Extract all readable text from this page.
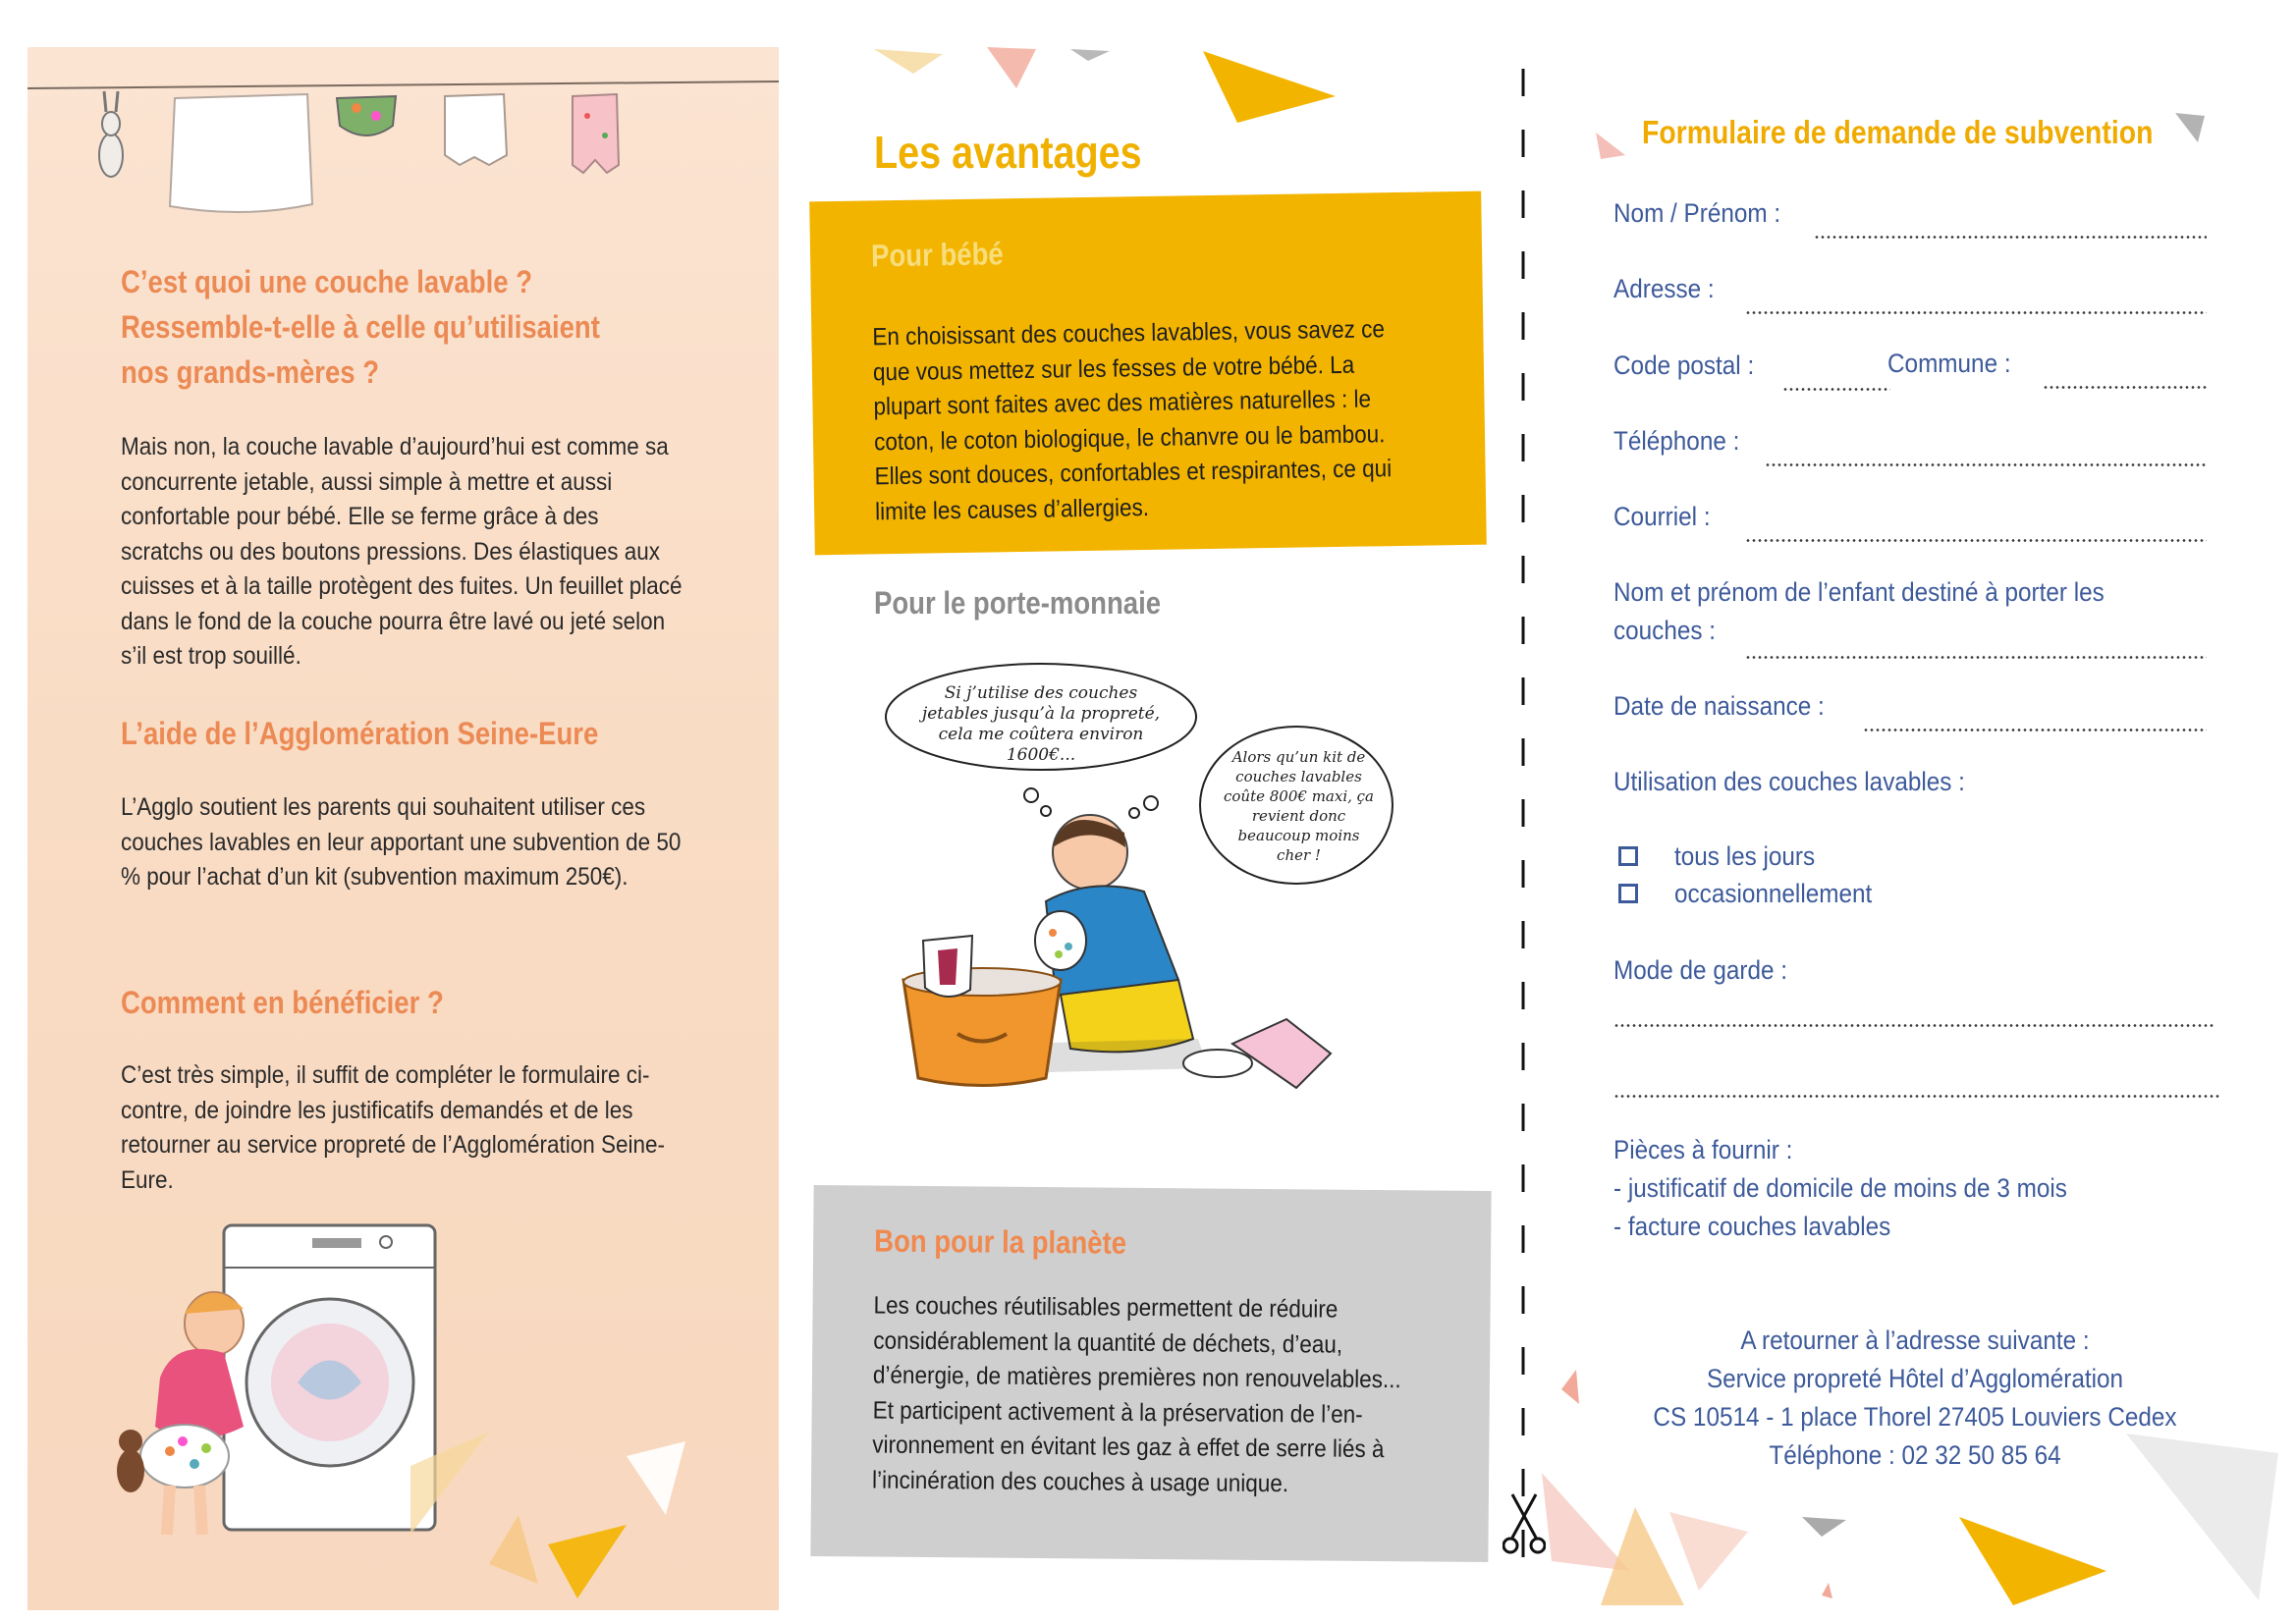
C’est quoi une couche lavable ? Ressemble-t-elle à celle qu’utilisaient nos grands-mères ?

Mais non, la couche lavable d’aujourd’hui est comme sa concurrente jetable, aussi simple à mettre et aussi confortable pour bébé. Elle se ferme grâce à des scratchs ou des boutons pressions. Des élastiques aux cuisses et à la taille protègent des fuites. Un feuillet placé dans le fond de la couche pourra être lavé ou jeté selon s’il est trop souillé.

L’aide de l’Agglomération Seine-Eure

L’Agglo soutient les parents qui souhaitent utiliser ces couches lavables en leur apportant une subvention de 50 % pour l’achat d’un kit (subvention maximum 250€).

Comment en bénéficier ?

C’est très simple, il suffit de compléter le formulaire ci-contre, de joindre les justificatifs demandés et de les retourner au service propreté de l’Agglomération Seine-Eure.

Les avantages
Pour bébé

En choisissant des couches lavables, vous savez ce que vous mettez sur les fesses de votre bébé. La plupart sont faites avec des matières naturelles : le coton, le coton biologique, le chanvre ou le bambou. Elles sont douces, confortables et respirantes, ce qui limite les causes d’allergies.

Pour le porte-monnaie
Si j’utilise des couches jetables jusqu’à la propreté, cela me coûtera environ 1600€...	Alors qu’un kit de couches lavables coûte 800€ maxi, ça revient donc beaucoup moins cher !
Bon pour la planète

Les couches réutilisables permettent de réduire considérablement la quantité de déchets, d’eau, d’énergie, de matières premières non renouvelables... Et participent activement à la préservation de l’en-vironnement en évitant les gaz à effet de serre liés à l’incinération des couches à usage unique.

Formulaire de demande de subvention
Nom / Prénom :
Adresse :
Code postal :	Commune :
Téléphone :
Courriel :
Nom et prénom de l’enfant destiné à porter les
couches :
Date de naissance :
Utilisation des couches lavables :
tous les jours
occasionnellement
Mode de garde :
Pièces à fournir :
- justificatif de domicile de moins de 3 mois
- facture couches lavables
A retourner à l’adresse suivante :
Service propreté Hôtel d’Agglomération
CS 10514 - 1 place Thorel 27405 Louviers Cedex
Téléphone : 02 32 50 85 64
